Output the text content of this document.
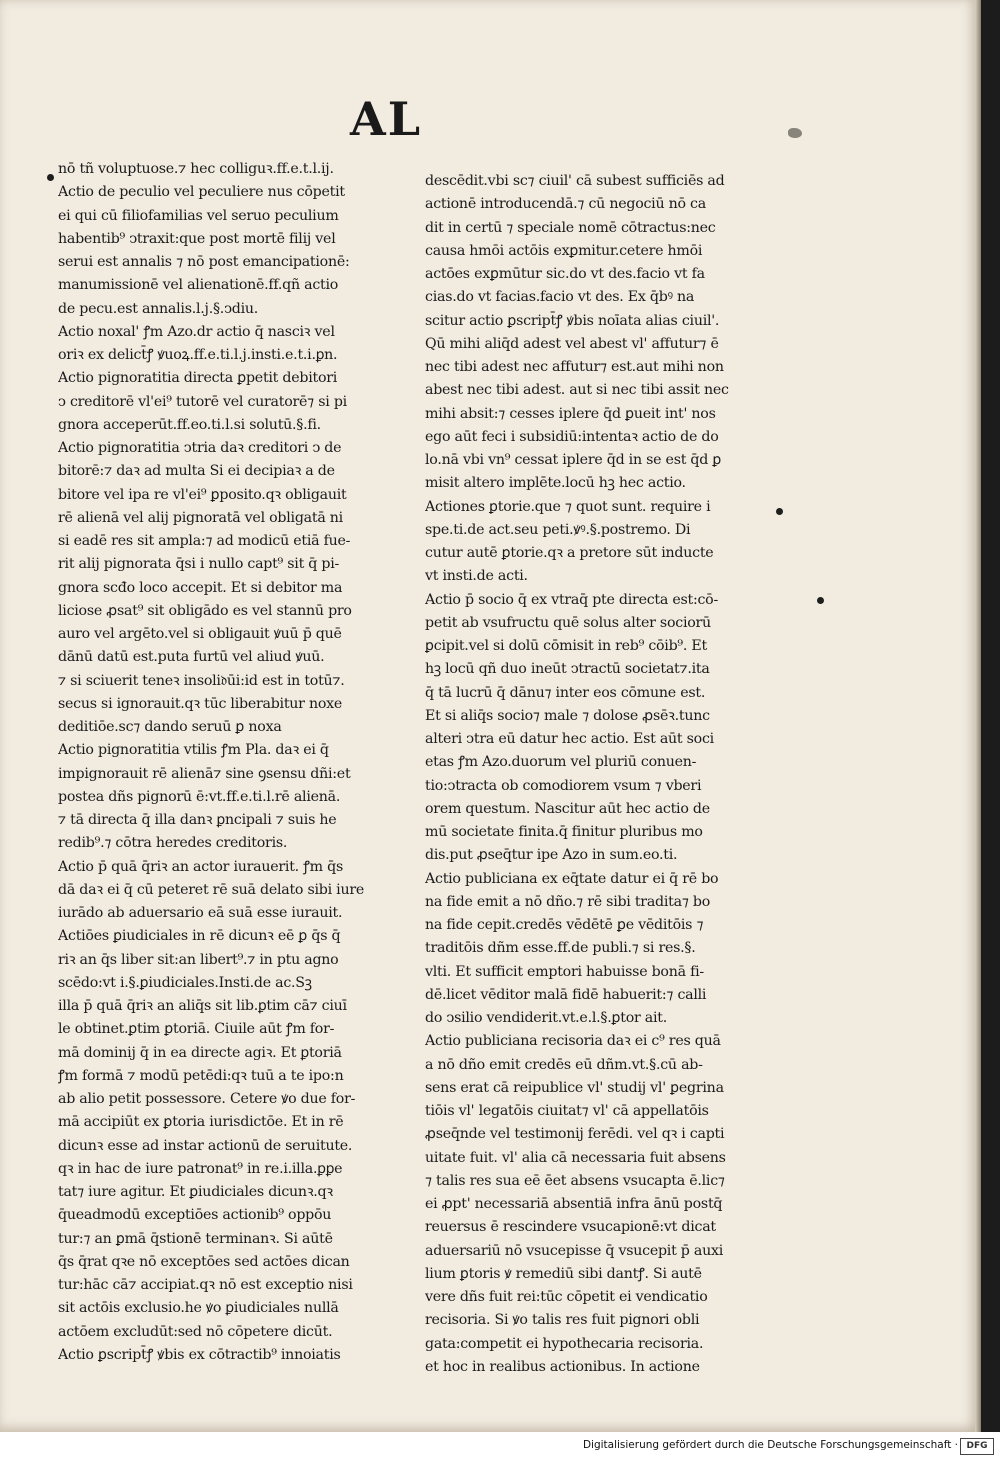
AL
nō tñ voluptuose.⁊ hec colliguꝛ.ff.e.t.l.ij.
Actio de peculio vel peculiere nus cōpetit
ei qui cū filiofamilias vel seruo peculium
habentib⁹ ↄtraxit:que post mortē filij vel
serui est annalis ⁊ nō post emancipationē:
manumissionē vel alienationē.ff.qñ actio
de pecu.est annalis.l.j.§.ↄdiu.
Actio noxal' ꝭm Azo.dr actio q̄ nasciꝛ vel
oriꝛ ex delict̄ꝭ ꝟuoꝝ.ff.e.ti.l.j.insti.e.t.i.ꝑn.
Actio pignoratitia directa ꝑpetit debitori
ↄ creditorē vl'ei⁹ tutorē vel curatorē⁊ si pi
gnora acceperūt.ff.eo.ti.l.si solutū.§.fi.
Actio pignoratitia ↄtria daꝛ creditori ↄ de
bitorē:⁊ daꝛ ad multa Si ei decipiaꝛ a de
bitore vel ipa re vl'ei⁹ ꝑposito.qꝛ obligauit
rē alienā vel alij pignoratā vel obligatā ni
si eadē res sit ampla:⁊ ad modicū etiā fue-
rit alij pignorata q̄si i nullo capt⁹ sit q̄ pi-
gnora scđo loco accepit. Et si debitor ma
liciose ꝓsat⁹ sit obligādo es vel stannū pro
auro vel argēto.vel si obligauit ꝟuū p̄ quē
dānū datū est.puta furtū vel aliud ꝟuū.
⁊ si sciuerit teneꝛ insoli𝔡ūi:id est in totū⁊.
secus si ignorauit.qꝛ tūc liberabitur noxe
deditiōe.sc⁊ dando seruū ꝑ noxa
Actio pignoratitia vtilis ꝭm Pla. daꝛ ei q̄
impignorauit rē alienā⁊ sine ꝯsensu dñi:et
postea dñs pignorū ē:vt.ff.e.ti.l.rē alienā.
⁊ tā directa q̄ illa danꝛ ꝑncipali ⁊ suis he
redib⁹.⁊ cōtra heredes creditoris.
Actio p̄ quā q̄riꝛ an actor iurauerit. ꝭm q̄s
dā daꝛ ei q̄ cū peteret rē suā delato sibi iure
iurādo ab aduersario eā suā esse iurauit.
Actiōes ꝑiudiciales in rē dicunꝛ eē ꝑ q̄s q̄
riꝛ an q̄s liber sit:an libert⁹.⁊ in ptu agno
scēdo:vt i.§.ꝑiudiciales.Insti.de ac.Sꝫ
illa p̄ quā q̄riꝛ an aliq̄s sit lib.ꝑtim cā⁊ ciuī
le obtinet.ꝑtim ꝑtoriā. Ciuile aūt ꝭm for-
mā dominij q̄ in ea directe agiꝛ. Et ꝑtoriā
ꝭm formā ⁊ modū petēdi:qꝛ tuū a te ipo:n
ab alio petit possessore. Cetere ꝟo due for-
mā accipiūt ex ꝑtoria iurisdictōe. Et in rē
dicunꝛ esse ad instar actionū de seruitute.
qꝛ in hac de iure patronat⁹ in re.i.illa.ꝑꝑe
tat⁊ iure agitur. Et ꝑiudiciales dicunꝛ.qꝛ
q̄ueadmodū exceptiōes actionib⁹ oppōu
tur:⁊ an ꝑmā q̄stionē terminanꝛ. Si aūtē
q̄s q̄rat qꝛe nō exceptōes sed actōes dican
tur:hāc cā⁊ accipiat.qꝛ nō est exceptio nisi
sit actōis exclusio.he ꝟo ꝑiudiciales nullā
actōem excludūt:sed nō cōpetere dicūt.
Actio ꝑscript̄ꝭ ꝟbis ex cōtractib⁹ innoiatis
descēdit.vbi sc⁊ ciuil' cā subest sufficiēs ad
actionē introducendā.⁊ cū negociū nō ca
dit in certū ⁊ speciale nomē cōtractus:nec
causa hmōi actōis exꝑmitur.cetere hmōi
actōes exꝑmūtur sic.do vt des.facio vt fa
cias.do vt facias.facio vt des. Ex q̄bꝰ na
scitur actio ꝑscript̄ꝭ ꝟbis noīata alias ciuil'.
Qū mihi aliq̄d adest vel abest vl' affutur⁊ ē
nec tibi adest nec affutur⁊ est.aut mihi non
abest nec tibi adest. aut si nec tibi assit nec
mihi absit:⁊ cesses iplere q̄d ꝑueit int' nos
ego aūt feci i subsidiū:intentaꝛ actio de do
lo.nā vbi vn⁹ cessat iplere q̄d in se est q̄d ꝑ
misit altero implēte.locū hꝫ hec actio.
Actiones ꝑtorie.que ⁊ quot sunt. require i
spe.ti.de act.seu peti.ꝟꝰ.§.postremo. Di
cutur autē ꝑtorie.qꝛ a pretore sūt inducte
vt insti.de acti.
Actio p̄ socio q̄ ex vtraq̄ pte directa est:cō-
petit ab vsufructu quē solus alter sociorū
ꝑcipit.vel si dolū cōmisit in reb⁹ cōib⁹. Et
hꝫ locū qñ duo ineūt ↄtractū societat⁊.ita
q̄ tā lucrū q̄ dānu⁊ inter eos cōmune est.
Et si aliq̄s socio⁊ male ⁊ dolose ꝓsēꝛ.tunc
alteri ↄtra eū datur hec actio. Est aūt soci
etas ꝭm Azo.duorum vel pluriū conuen-
tio:ↄtracta ob comodiorem vsum ⁊ vberi
orem questum. Nascitur aūt hec actio de
mū societate finita.q̄ finitur pluribus mo
dis.put ꝓseq̄tur ipe Azo in sum.eo.ti.
Actio publiciana ex eq̄tate datur ei q̄ rē bo
na fide emit a nō dño.⁊ rē sibi tradita⁊ bo
na fide cepit.credēs vēdētē ꝑe vēditōis ⁊
traditōis dñm esse.ff.de publi.⁊ si res.§.
vlti. Et sufficit emptori habuisse bonā fi-
dē.licet vēditor malā fidē habuerit:⁊ calli
do ↄsilio vendiderit.vt.e.l.§.ꝑtor ait.
Actio publiciana recisoria daꝛ ei c⁹ res quā
a nō dño emit credēs eū dñm.vt.§.cū ab-
sens erat cā reipublice vl' studij vl' ꝑegrina
tiōis vl' legatōis ciuitat⁊ vl' cā appellatōis
ꝓseq̄nde vel testimonij ferēdi. vel qꝛ i capti
uitate fuit. vl' alia cā necessaria fuit absens
⁊ talis res sua eē ēet absens vsucapta ē.lic⁊
ei ꝓpt' necessariā absentiā infra ānū postq̄
reuersus ē rescindere vsucapionē:vt dicat
aduersariū nō vsucepisse q̄ vsucepit p̄ auxi
lium ꝑtoris ꝟ remediū sibi dantꝭ. Si autē
vere dñs fuit rei:tūc cōpetit ei vendicatio
recisoria. Si ꝟo talis res fuit pignori obli
gata:competit ei hypothecaria recisoria.
et hoc in realibus actionibus. In actione
Digitalisierung gefördert durch die Deutsche Forschungsgemeinschaft · DFG
